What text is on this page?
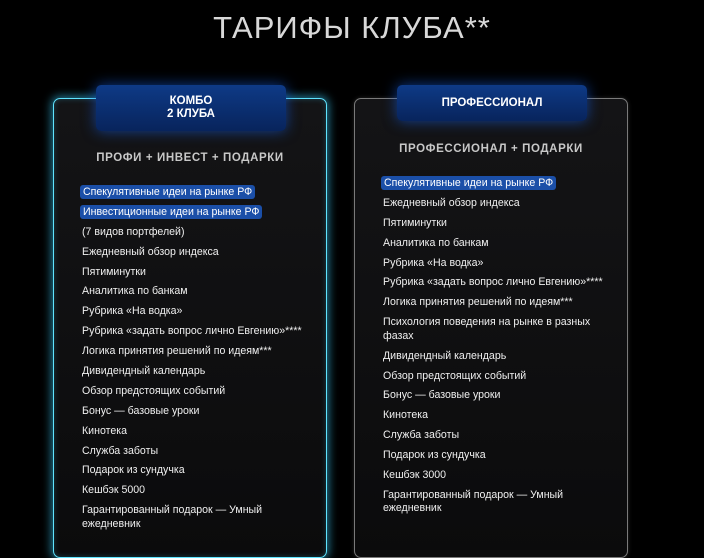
ТАРИФЫ КЛУБА**
КОМБО
2 КЛУБА
ПРОФИ + ИНВЕСТ + ПОДАРКИ
Спекулятивные идеи на рынке РФ
Инвестиционные идеи на рынке РФ
(7 видов портфелей)
Ежедневный обзор индекса
Пятиминутки
Аналитика по банкам
Рубрика «На водка»
Рубрика «задать вопрос лично Евгению»****
Логика принятия решений по идеям***
Дивидендный календарь
Обзор предстоящих событий
Бонус — базовые уроки
Кинотека
Служба заботы
Подарок из сундучка
Кешбэк 5000
Гарантированный подарок — Умный ежедневник
ПРОФЕССИОНАЛ
ПРОФЕССИОНАЛ + ПОДАРКИ
Спекулятивные идеи на рынке РФ
Ежедневный обзор индекса
Пятиминутки
Аналитика по банкам
Рубрика «На водка»
Рубрика «задать вопрос лично Евгению»****
Логика принятия решений по идеям***
Психология поведения на рынке в разных фазах
Дивидендный календарь
Обзор предстоящих событий
Бонус — базовые уроки
Кинотека
Служба заботы
Подарок из сундучка
Кешбэк 3000
Гарантированный подарок — Умный ежедневник
